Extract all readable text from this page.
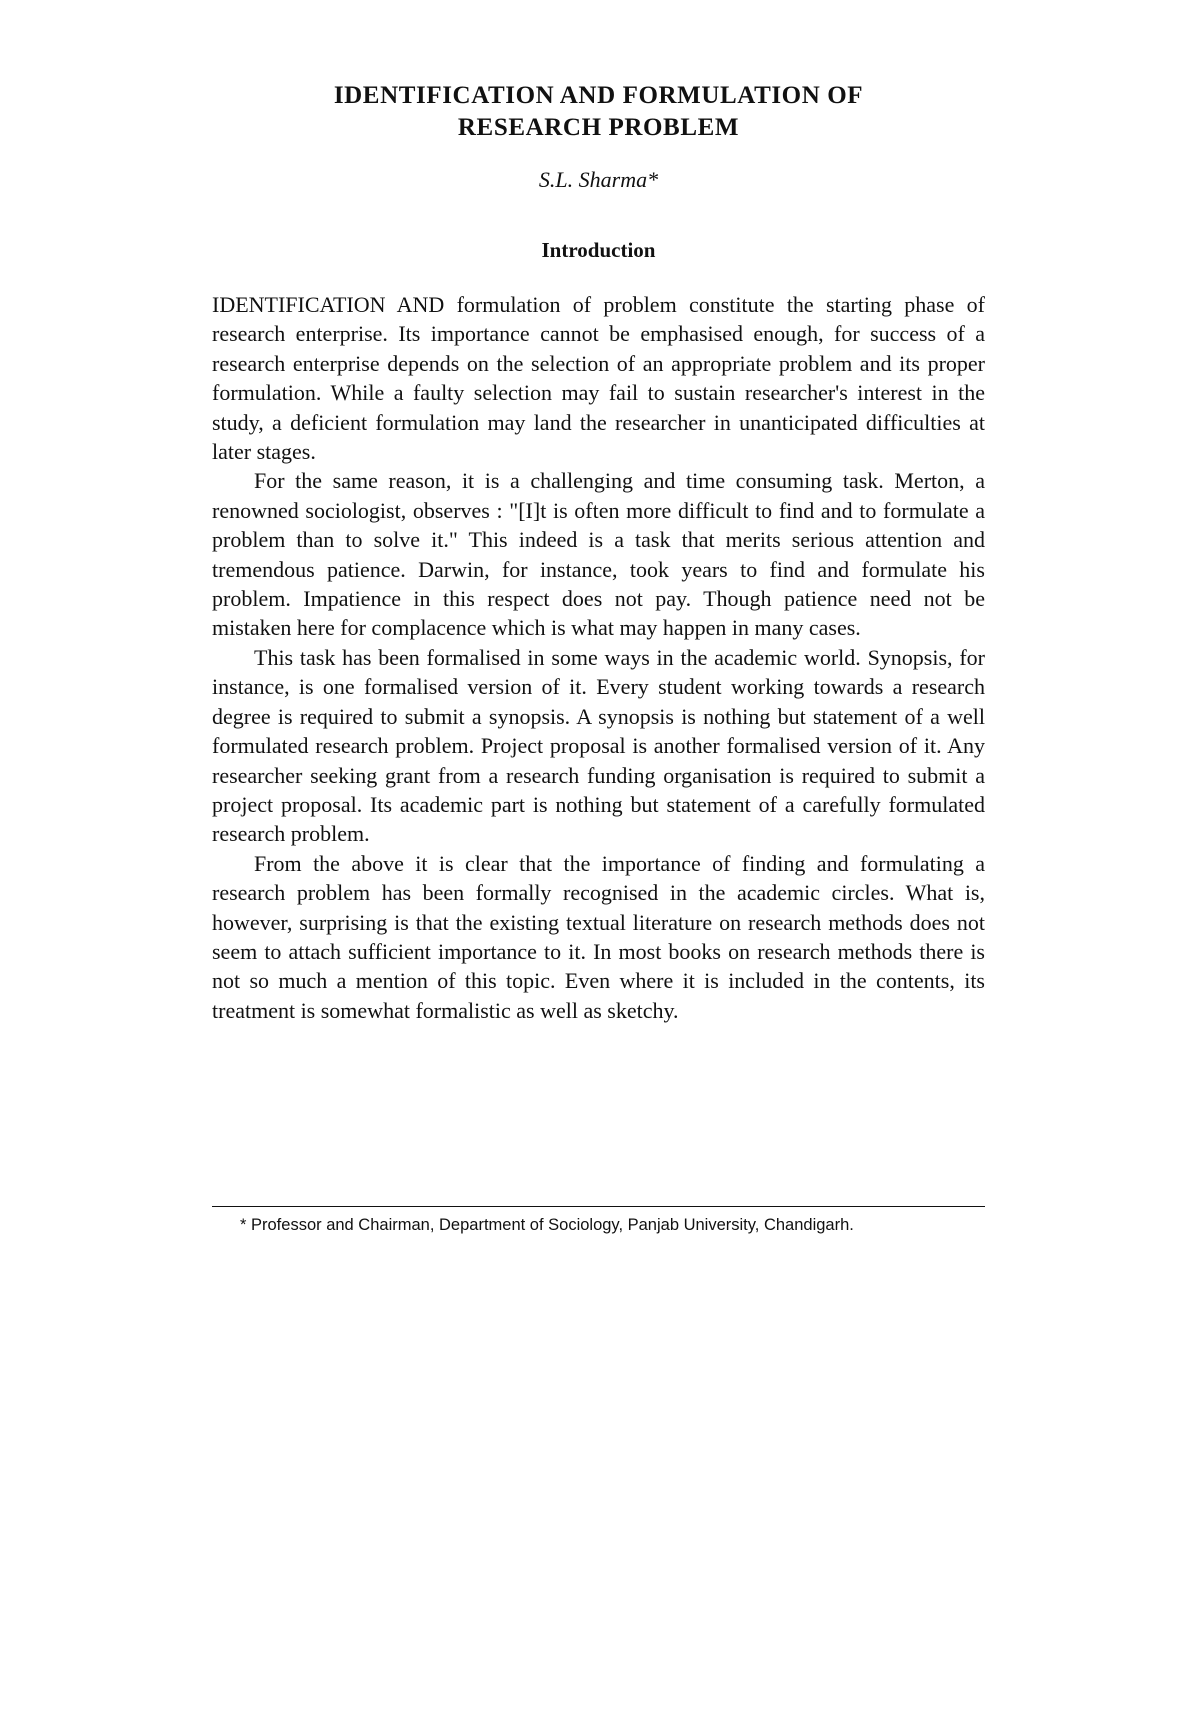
IDENTIFICATION AND FORMULATION OF
RESEARCH PROBLEM
S.L. Sharma*
Introduction

IDENTIFICATION AND formulation of problem constitute the starting phase of research enterprise. Its importance cannot be emphasised enough, for success of a research enterprise depends on the selection of an appropriate problem and its proper formulation. While a faulty selection may fail to sustain researcher's interest in the study, a deficient formulation may land the researcher in unanticipated difficulties at later stages.

For the same reason, it is a challenging and time consuming task. Merton, a renowned sociologist, observes : "[I]t is often more difficult to find and to formulate a problem than to solve it." This indeed is a task that merits serious attention and tremendous patience. Darwin, for instance, took years to find and formulate his problem. Impatience in this respect does not pay. Though patience need not be mistaken here for complacence which is what may happen in many cases.

This task has been formalised in some ways in the academic world. Synopsis, for instance, is one formalised version of it. Every student working towards a research degree is required to submit a synopsis. A synopsis is nothing but statement of a well formulated research problem. Project proposal is another formalised version of it. Any researcher seeking grant from a research funding organisation is required to submit a project proposal. Its academic part is nothing but statement of a carefully formulated research problem.

From the above it is clear that the importance of finding and formulating a research problem has been formally recognised in the academic circles. What is, however, surprising is that the existing textual literature on research methods does not seem to attach sufficient importance to it. In most books on research methods there is not so much a mention of this topic. Even where it is included in the contents, its treatment is somewhat formalistic as well as sketchy.

* Professor and Chairman, Department of Sociology, Panjab University, Chandigarh.
